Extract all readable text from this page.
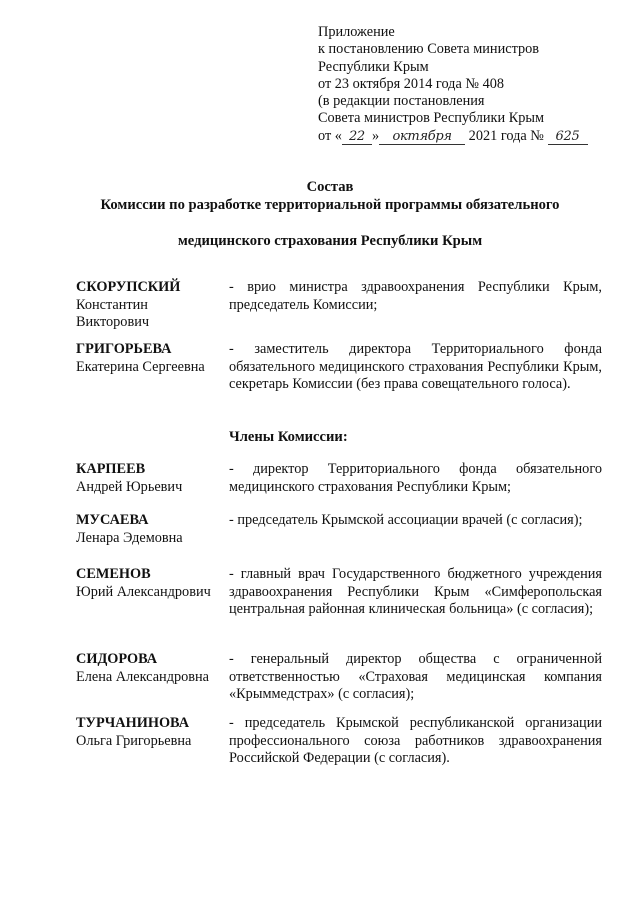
Приложение
к постановлению Совета министров
Республики Крым
от 23 октября 2014 года № 408
(в редакции постановления
Совета министров Республики Крым
от « 22 » октября 2021 года № 625
Состав
Комиссии по разработке территориальной программы обязательного
медицинского страхования Республики Крым
СКОРУПСКИЙ
Константин
Викторович
- врио министра здравоохранения Республики Крым, председатель Комиссии;
ГРИГОРЬЕВА
Екатерина Сергеевна
- заместитель директора Территориального фонда обязательного медицинского страхования Республики Крым, секретарь Комиссии (без права совещательного голоса).
Члены Комиссии:
КАРПЕЕВ
Андрей Юрьевич
- директор Территориального фонда обязательного медицинского страхования Республики Крым;
МУСАЕВА
Ленара Эдемовна
- председатель Крымской ассоциации врачей (с согласия);
СЕМЕНОВ
Юрий Александрович
- главный врач Государственного бюджетного учреждения здравоохранения Республики Крым «Симферопольская центральная районная клиническая больница» (с согласия);
СИДОРОВА
Елена Александровна
- генеральный директор общества с ограниченной ответственностью «Страховая медицинская компания «Крыммедстрах» (с согласия);
ТУРЧАНИНОВА
Ольга Григорьевна
- председатель Крымской республиканской организации профессионального союза работников здравоохранения Российской Федерации (с согласия).
